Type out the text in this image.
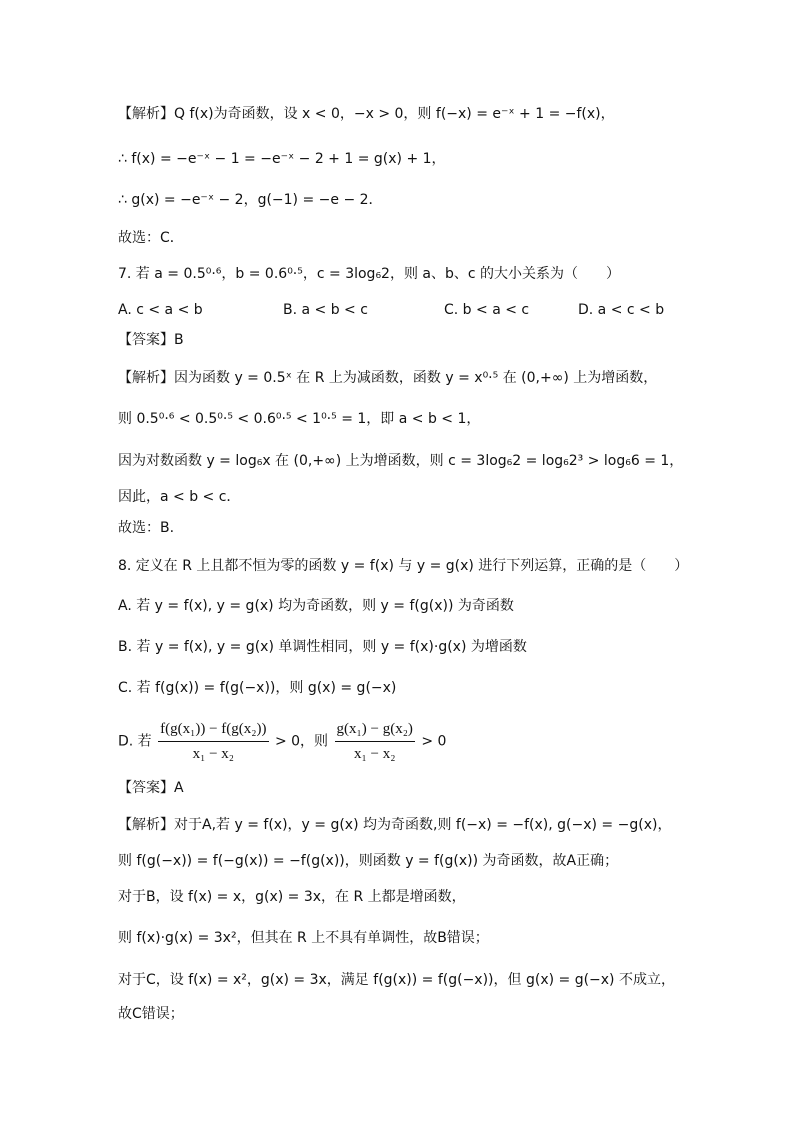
【解析】Q f(x)为奇函数，设 x < 0，−x > 0，则 f(−x) = e⁻ˣ + 1 = −f(x)，
∴ f(x) = −e⁻ˣ − 1 = −e⁻ˣ − 2 + 1 = g(x) + 1，
∴ g(x) = −e⁻ˣ − 2，g(−1) = −e − 2．
故选：C．
7. 若 a = 0.5⁰·⁶，b = 0.6⁰·⁵，c = 3log₆2，则 a、b、c 的大小关系为（　　）
A. c < a < b	B. a < b < c	C. b < a < c	D. a < c < b
【答案】B
【解析】因为函数 y = 0.5ˣ 在 R 上为减函数，函数 y = x⁰·⁵ 在 (0,+∞) 上为增函数，
则 0.5⁰·⁶ < 0.5⁰·⁵ < 0.6⁰·⁵ < 1⁰·⁵ = 1，即 a < b < 1，
因为对数函数 y = log₆x 在 (0,+∞) 上为增函数，则 c = 3log₆2 = log₆2³ > log₆6 = 1，
因此，a < b < c．
故选：B.
8. 定义在 R 上且都不恒为零的函数 y = f(x) 与 y = g(x) 进行下列运算，正确的是（　　）
A. 若 y = f(x), y = g(x) 均为奇函数，则 y = f(g(x)) 为奇函数
B. 若 y = f(x), y = g(x) 单调性相同，则 y = f(x)·g(x) 为增函数
C. 若 f(g(x)) = f(g(−x))，则 g(x) = g(−x)
D. 若 $\frac{\text{f(g(x₁)) − f(g(x₂))}}{\text{x₁ − x₂}} > 0$，则 $\frac{\text{g(x₁) − g(x₂)}}{\text{x₁ − x₂}} > 0$
【答案】A
【解析】对于A,若 y = f(x)，y = g(x) 均为奇函数,则 f(−x) = −f(x), g(−x) = −g(x)，
则 f(g(−x)) = f(−g(x)) = −f(g(x))，则函数 y = f(g(x)) 为奇函数，故A正确；
对于B，设 f(x) = x，g(x) = 3x，在 R 上都是增函数，
则 f(x)·g(x) = 3x²，但其在 R 上不具有单调性，故B错误；
对于C，设 f(x) = x²，g(x) = 3x，满足 f(g(x)) = f(g(−x))，但 g(x) = g(−x) 不成立，
故C错误；
